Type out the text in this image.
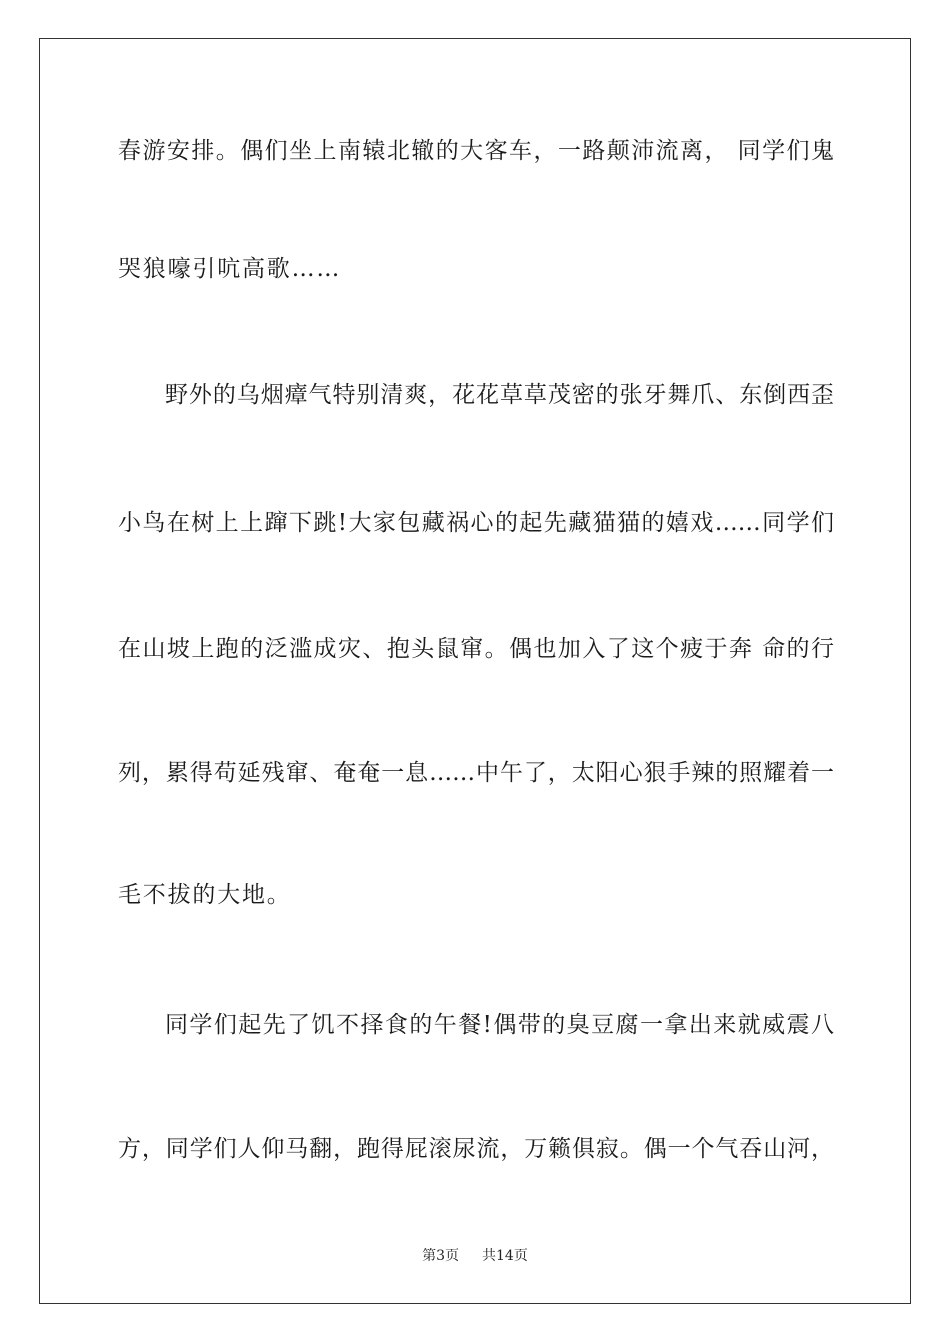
春游安排。偶们坐上南辕北辙的大客车，一路颠沛流离， 同学们鬼
哭狼嚎引吭高歌……
野外的乌烟瘴气特别清爽，花花草草茂密的张牙舞爪、东倒西歪
小鸟在树上上蹿下跳!大家包藏祸心的起先藏猫猫的嬉戏……同学们
在山坡上跑的泛滥成灾、抱头鼠窜。偶也加入了这个疲于奔 命的行
列，累得苟延残窜、奄奄一息……中午了，太阳心狠手辣的照耀着一
毛不拔的大地。
同学们起先了饥不择食的午餐!偶带的臭豆腐一拿出来就威震八
方，同学们人仰马翻，跑得屁滚尿流，万籁俱寂。偶一个气吞山河，
第3页 共14页
